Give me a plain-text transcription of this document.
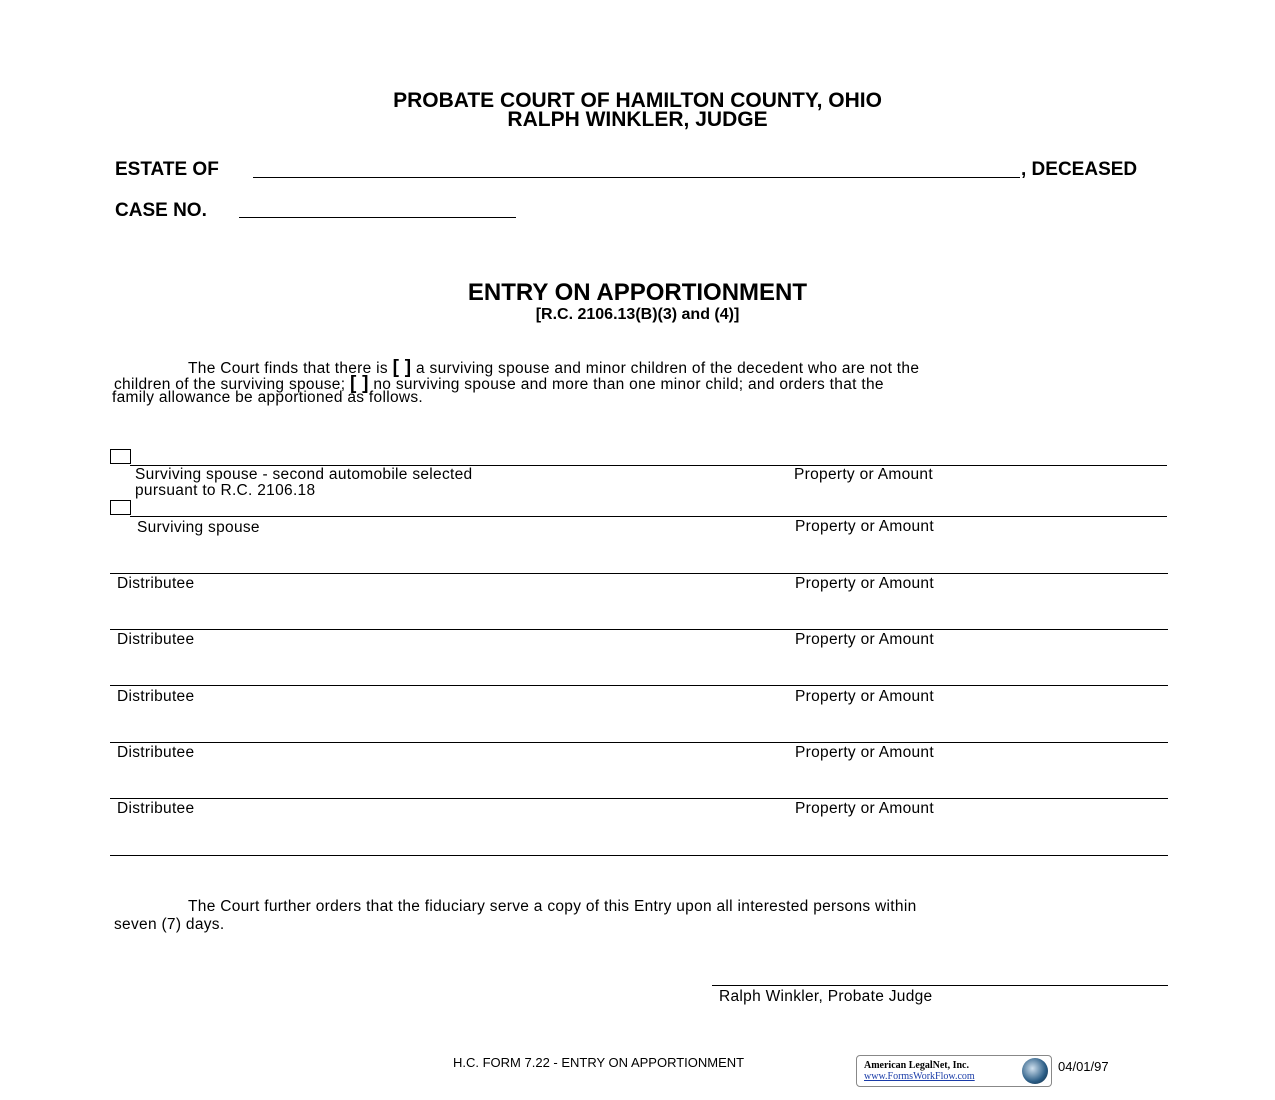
PROBATE COURT OF HAMILTON COUNTY, OHIO
RALPH WINKLER, JUDGE
ESTATE OF	, DECEASED
CASE NO.
ENTRY ON APPORTIONMENT
[R.C. 2106.13(B)(3) and (4)]
The Court finds that there is [ ] a surviving spouse and minor children of the decedent who are not the
children of the surviving spouse; [ ] no surviving spouse and more than one minor child; and orders that the
family allowance be apportioned as follows.
Surviving spouse - second automobile selected
pursuant to R.C. 2106.18
Property or Amount
Surviving spouse	Property or Amount
Distributee	Property or Amount
Distributee	Property or Amount
Distributee	Property or Amount
Distributee	Property or Amount
Distributee	Property or Amount
The Court further orders that the fiduciary serve a copy of this Entry upon all interested persons within
seven (7) days.
Ralph Winkler, Probate Judge
H.C. FORM 7.22 - ENTRY ON APPORTIONMENT	American LegalNet, Inc.
www.FormsWorkFlow.com
04/01/97
